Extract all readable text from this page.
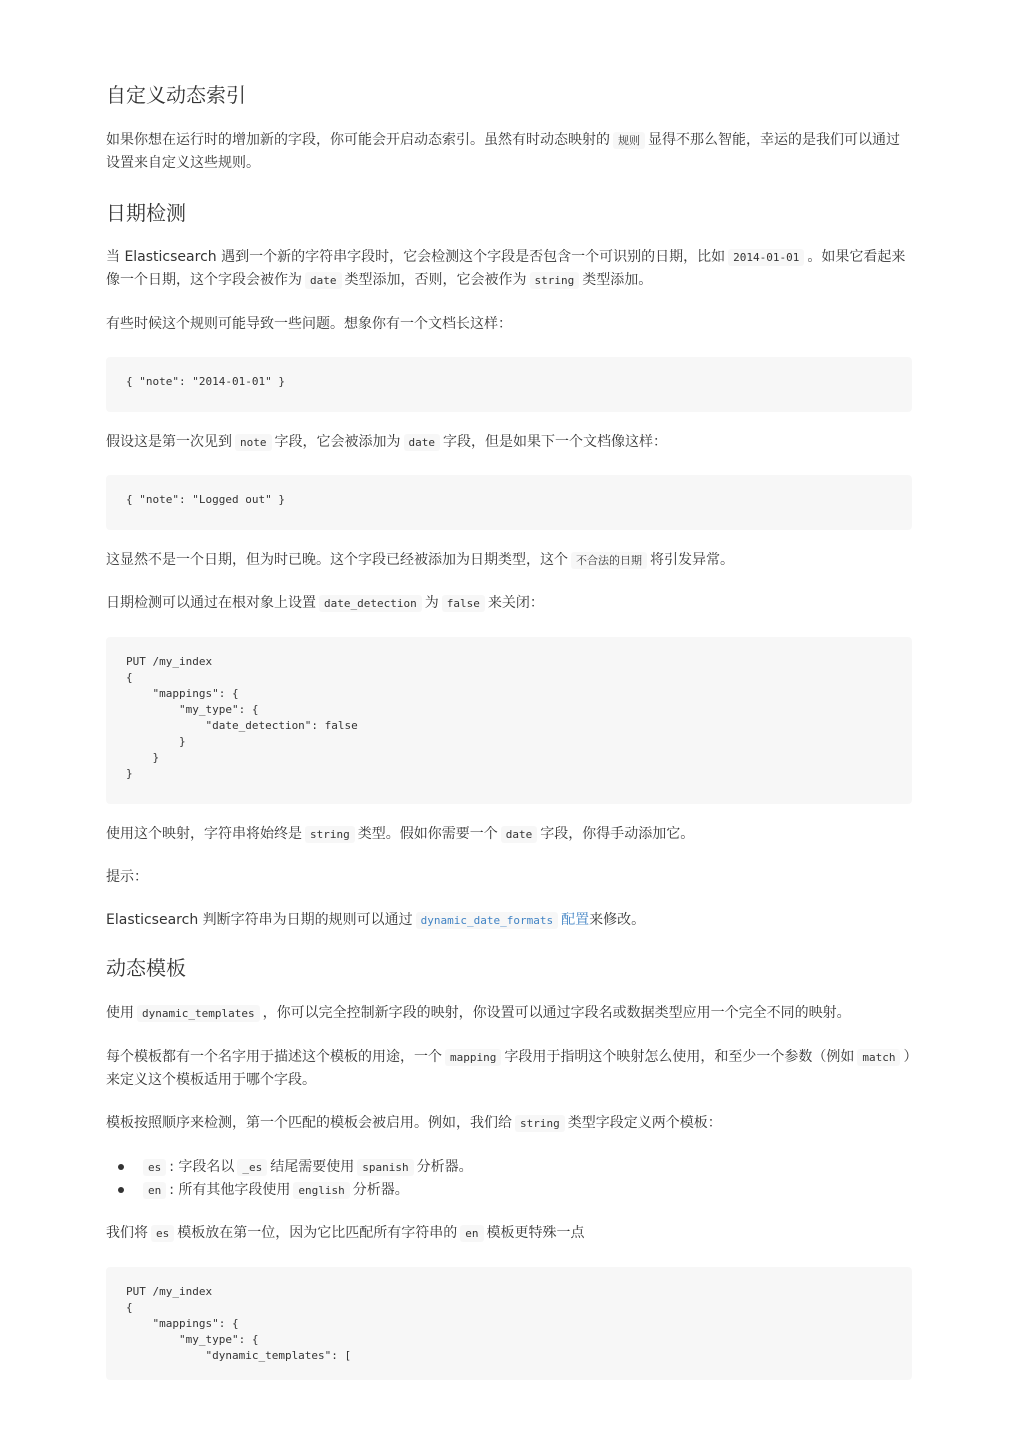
自定义动态索引

如果你想在运行时的增加新的字段，你可能会开启动态索引。虽然有时动态映射的 规则 显得不那么智能，幸运的是我们可以通过设置来自定义这些规则。

日期检测

当 Elasticsearch 遇到一个新的字符串字段时，它会检测这个字段是否包含一个可识别的日期，比如 2014-01-01 。如果它看起来像一个日期，这个字段会被作为 date 类型添加，否则，它会被作为 string 类型添加。

有些时候这个规则可能导致一些问题。想象你有一个文档长这样：

{ "note": "2014-01-01" }

假设这是第一次见到 note 字段，它会被添加为 date 字段，但是如果下一个文档像这样：

{ "note": "Logged out" }

这显然不是一个日期，但为时已晚。这个字段已经被添加为日期类型，这个 不合法的日期 将引发异常。

日期检测可以通过在根对象上设置 date_detection 为 false 来关闭：

PUT /my_index
{
"mappings": {
"my_type": {
"date_detection": false
}
}
}

使用这个映射，字符串将始终是 string 类型。假如你需要一个 date 字段，你得手动添加它。

提示：

Elasticsearch 判断字符串为日期的规则可以通过 dynamic_date_formats 配置来修改。

动态模板

使用 dynamic_templates ，你可以完全控制新字段的映射，你设置可以通过字段名或数据类型应用一个完全不同的映射。

每个模板都有一个名字用于描述这个模板的用途，一个 mapping 字段用于指明这个映射怎么使用，和至少一个参数（例如 match ）来定义这个模板适用于哪个字段。

模板按照顺序来检测，第一个匹配的模板会被启用。例如，我们给 string 类型字段定义两个模板：

es : 字段名以 _es 结尾需要使用 spanish 分析器。
en : 所有其他字段使用 english 分析器。

我们将 es 模板放在第一位，因为它比匹配所有字符串的 en 模板更特殊一点

PUT /my_index
{
"mappings": {
"my_type": {
"dynamic_templates": [
